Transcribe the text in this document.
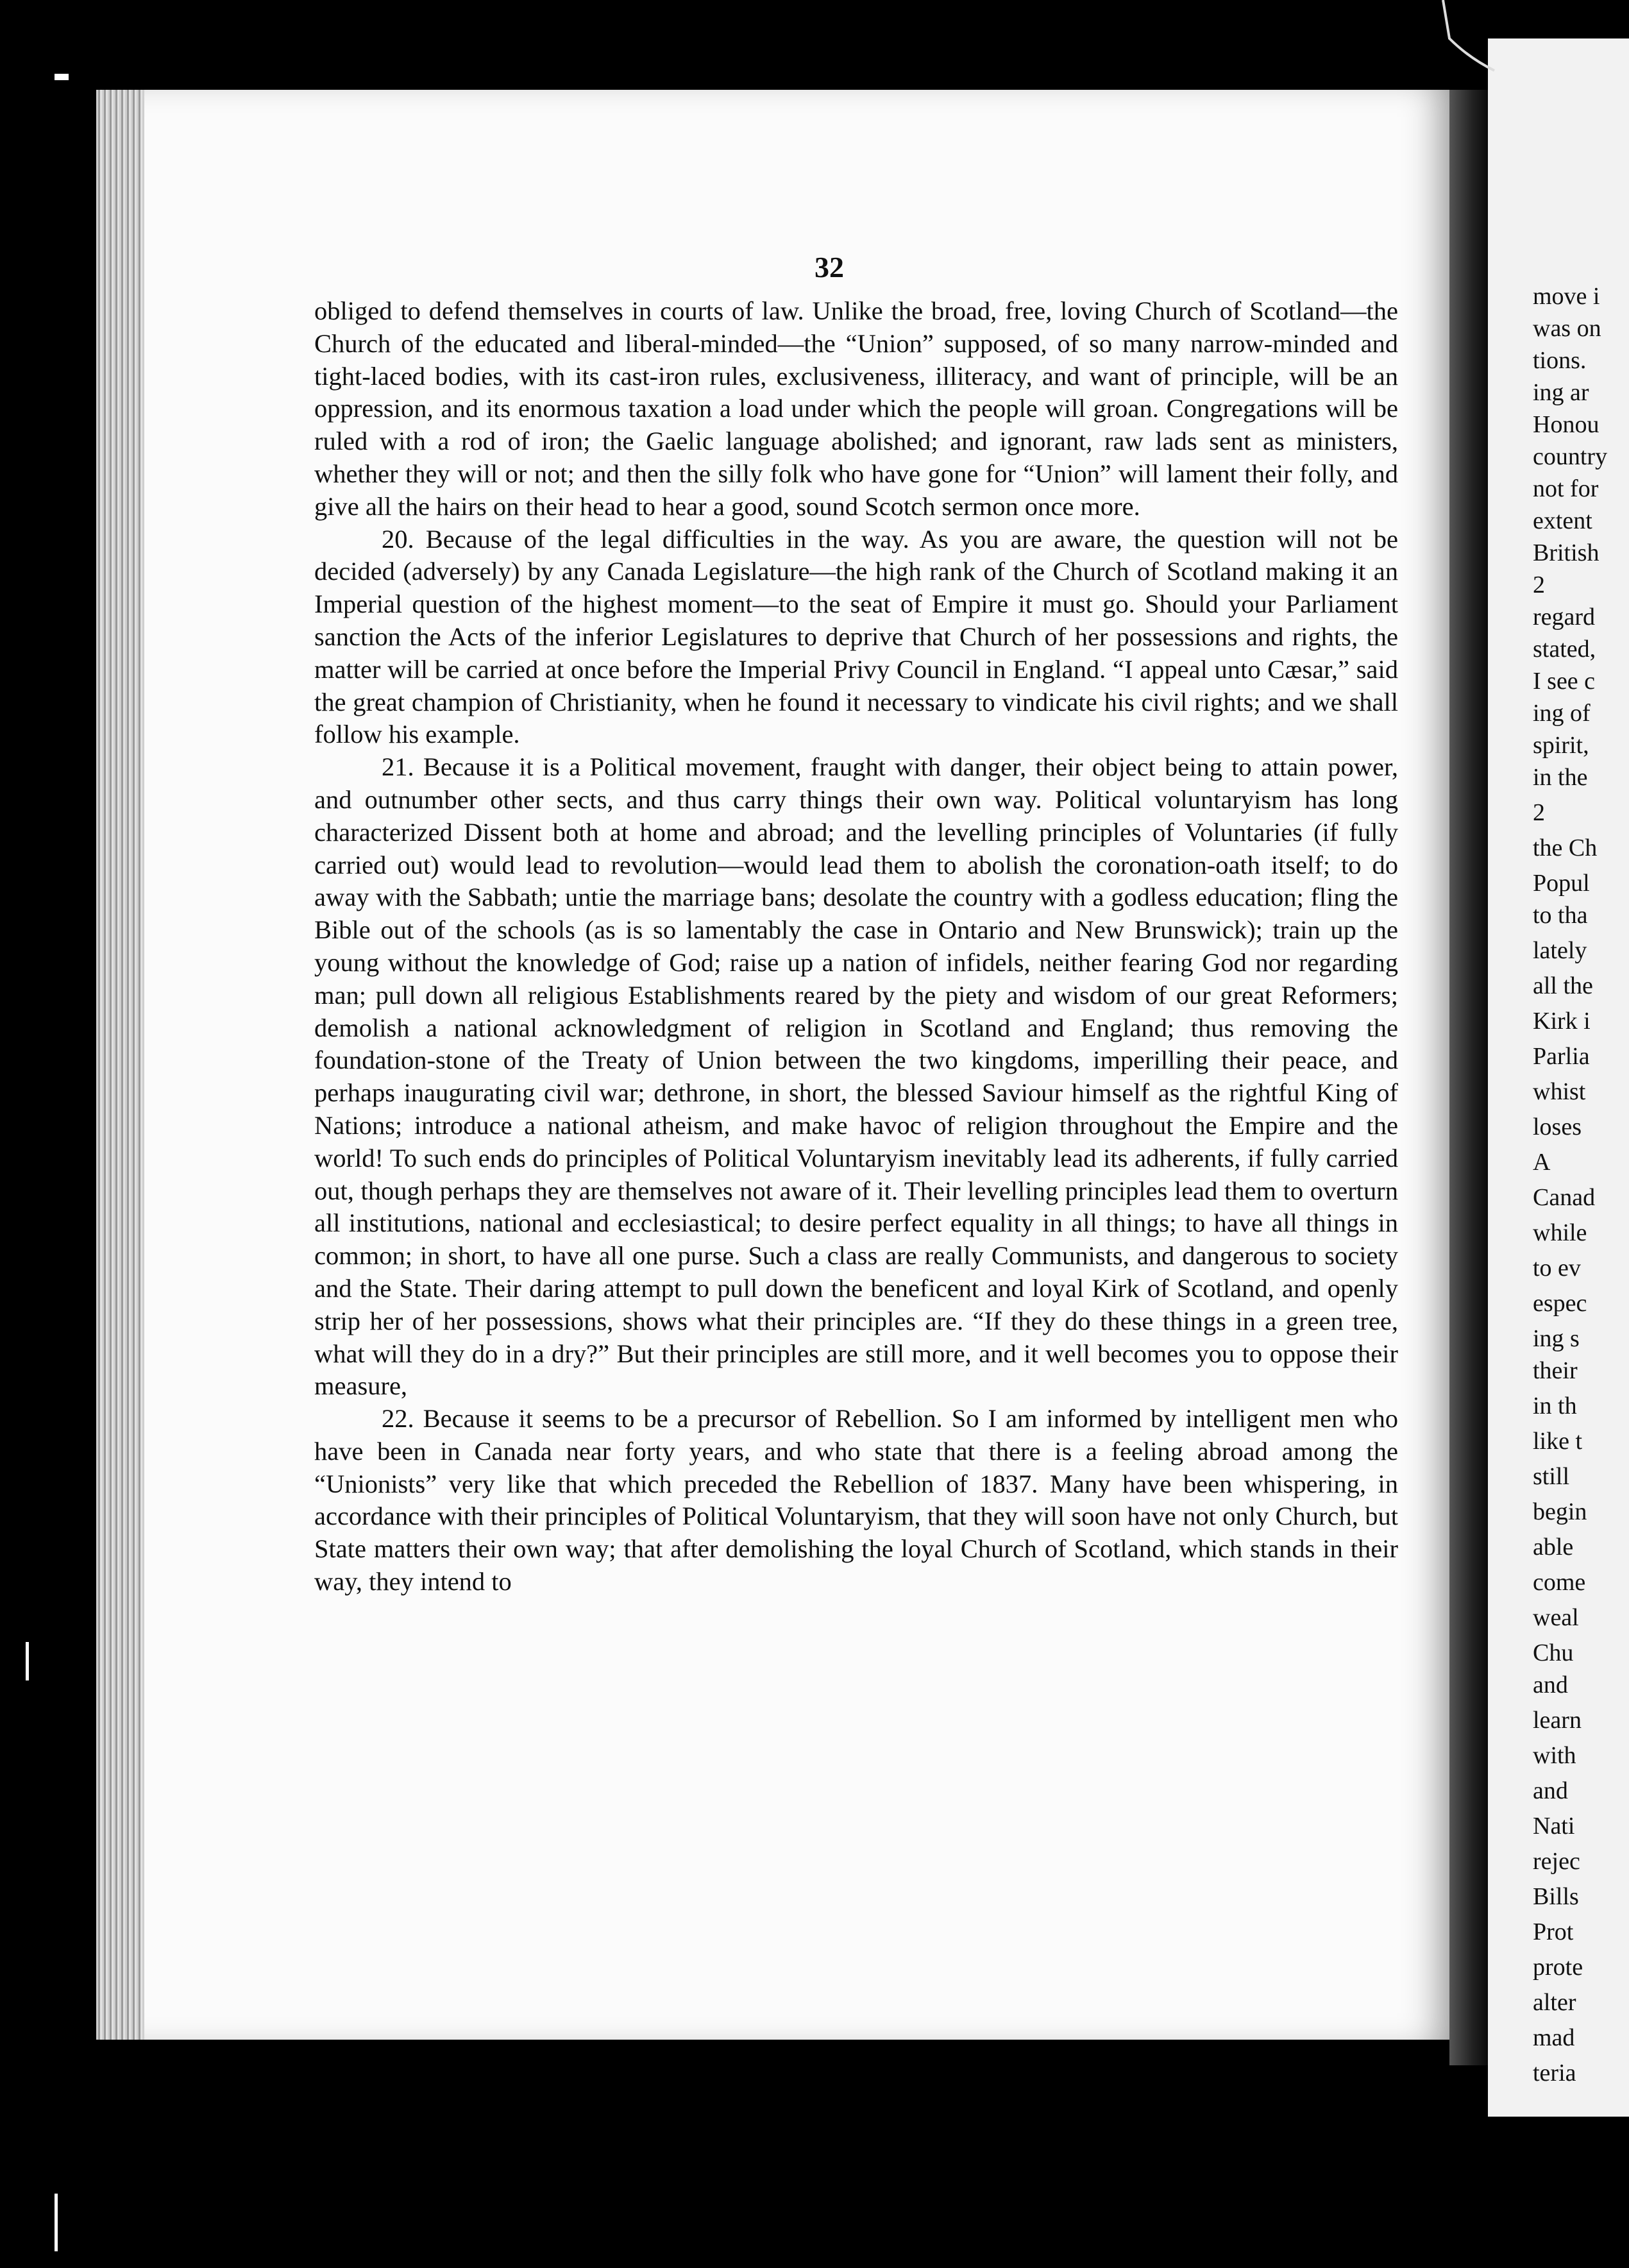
move i
was on
tions.
ing ar
Honou
country
not for
extent
British
2
regard
stated,
I see c
ing of
spirit,
in the
2
the Ch
Popul
to tha
lately
all the
Kirk i
Parlia
whist
loses
A
Canad
while
to ev
espec
ing s
their
in th
like t
still
begin
able
come
weal
Chu
and
learn
with
and
Nati
rejec
Bills
Prot
prote
alter
mad
teria
32

obliged to defend themselves in courts of law. Unlike the broad, free, loving Church of Scotland—the Church of the educated and liberal-minded—the “Union” supposed, of so many narrow-minded and tight-laced bodies, with its cast-iron rules, exclusiveness, illiteracy, and want of principle, will be an oppression, and its enormous taxation a load under which the people will groan. Congregations will be ruled with a rod of iron; the Gaelic language abolished; and ignorant, raw lads sent as ministers, whether they will or not; and then the silly folk who have gone for “Union” will lament their folly, and give all the hairs on their head to hear a good, sound Scotch sermon once more.

20. Because of the legal difficulties in the way. As you are aware, the question will not be decided (adversely) by any Canada Legislature—the high rank of the Church of Scotland making it an Imperial question of the highest moment—to the seat of Empire it must go. Should your Parliament sanction the Acts of the inferior Legislatures to deprive that Church of her possessions and rights, the matter will be carried at once before the Imperial Privy Council in England. “I appeal unto Cæsar,” said the great champion of Christianity, when he found it necessary to vindicate his civil rights; and we shall follow his example.

21. Because it is a Political movement, fraught with danger, their object being to attain power, and outnumber other sects, and thus carry things their own way. Political voluntaryism has long characterized Dissent both at home and abroad; and the levelling principles of Voluntaries (if fully carried out) would lead to revolution—would lead them to abolish the coronation-oath itself; to do away with the Sabbath; untie the marriage bans; desolate the country with a godless education; fling the Bible out of the schools (as is so lamentably the case in Ontario and New Brunswick); train up the young without the knowledge of God; raise up a nation of infidels, neither fearing God nor regarding man; pull down all religious Establishments reared by the piety and wisdom of our great Reformers; demolish a national acknowledgment of religion in Scotland and England; thus removing the foundation-stone of the Treaty of Union between the two kingdoms, imperilling their peace, and perhaps inaugurating civil war; dethrone, in short, the blessed Saviour himself as the rightful King of Nations; introduce a national atheism, and make havoc of religion throughout the Empire and the world! To such ends do principles of Political Voluntaryism inevitably lead its adherents, if fully carried out, though perhaps they are themselves not aware of it. Their levelling principles lead them to overturn all institutions, national and ecclesiastical; to desire perfect equality in all things; to have all things in common; in short, to have all one purse. Such a class are really Communists, and dangerous to society and the State. Their daring attempt to pull down the beneficent and loyal Kirk of Scotland, and openly strip her of her possessions, shows what their principles are. “If they do these things in a green tree, what will they do in a dry?” But their principles are still more, and it well becomes you to oppose their measure,

22. Because it seems to be a precursor of Rebellion. So I am informed by intelligent men who have been in Canada near forty years, and who state that there is a feeling abroad among the “Unionists” very like that which preceded the Rebellion of 1837. Many have been whispering, in accordance with their principles of Political Voluntaryism, that they will soon have not only Church, but State matters their own way; that after demolishing the loyal Church of Scotland, which stands in their way, they intend to
